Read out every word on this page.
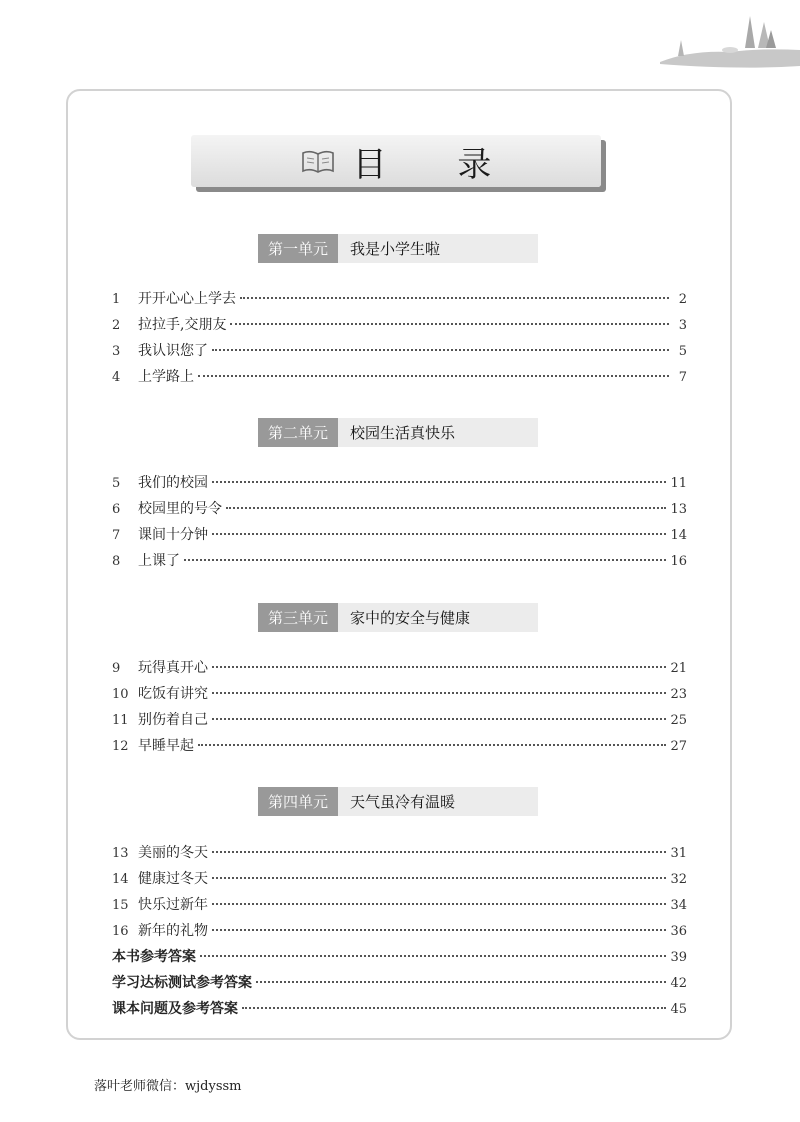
目 录
第一单元	我是小学生啦
1	开开心心上学去	2
2	拉拉手,交朋友	3
3	我认识您了	5
4	上学路上	7
第二单元	校园生活真快乐
5	我们的校园	11
6	校园里的号令	13
7	课间十分钟	14
8	上课了	16
第三单元	家中的安全与健康
9	玩得真开心	21
10 吃饭有讲究	23
11 别伤着自己	25
12 早睡早起	27
第四单元	天气虽冷有温暖
13 美丽的冬天	31
14 健康过冬天	32
15 快乐过新年	34
16 新年的礼物	36
本书参考答案	39
学习达标测试参考答案	42
课本问题及参考答案	45
落叶老师微信：wjdyssm
